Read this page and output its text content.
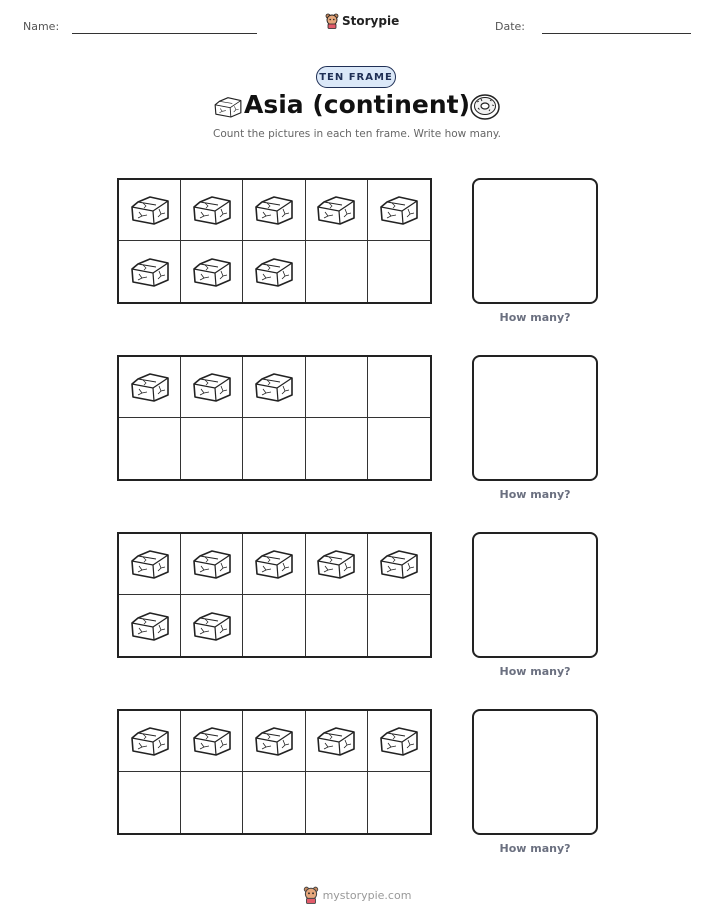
Name:	Storypie	Date:
TEN FRAME
Asia (continent)
Count the pictures in each ten frame. Write how many.
How many?
How many?
How many?
How many?
mystorypie.com
